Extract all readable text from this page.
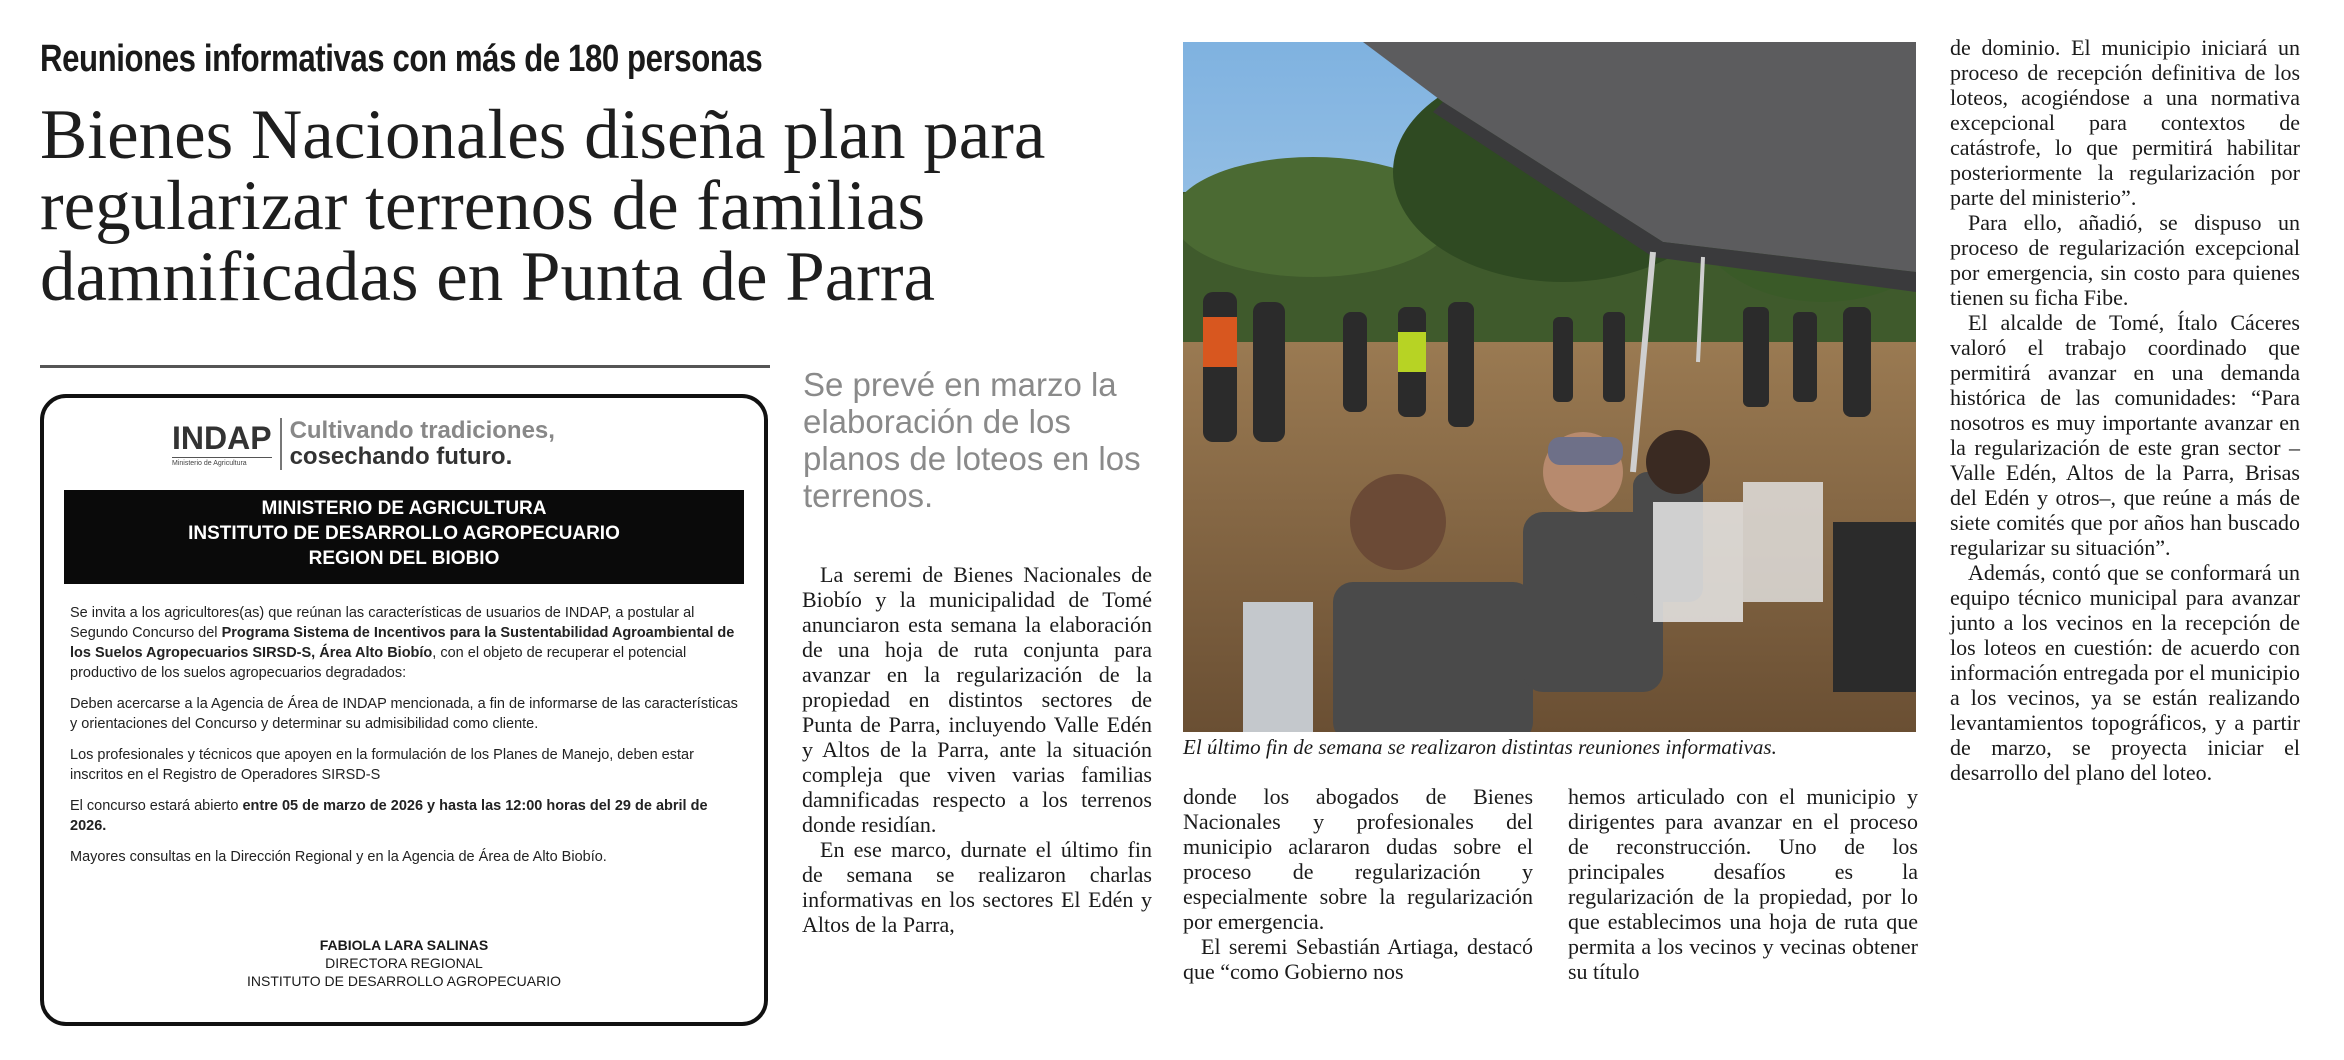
Reuniones informativas con más de 180 personas
Bienes Nacionales diseña plan para regularizar terrenos de familias damnificadas en Punta de Parra
INDAP
Ministerio de Agricultura
Cultivando tradiciones,
cosechando futuro.
MINISTERIO DE AGRICULTURA
INSTITUTO DE DESARROLLO AGROPECUARIO
REGION DEL BIOBIO

Se invita a los agricultores(as) que reúnan las características de usuarios de INDAP, a postular al Segundo Concurso del Programa Sistema de Incentivos para la Sustentabilidad Agroambiental de los Suelos Agropecuarios SIRSD-S, Área Alto Biobío, con el objeto de recuperar el potencial productivo de los suelos agropecuarios degradados:

Deben acercarse a la Agencia de Área de INDAP mencionada, a fin de informarse de las características y orientaciones del Concurso y determinar su admisibilidad como cliente.

Los profesionales y técnicos que apoyen en la formulación de los Planes de Manejo, deben estar inscritos en el Registro de Operadores SIRSD-S

El concurso estará abierto entre 05 de marzo de 2026 y hasta las 12:00 horas del 29 de abril de 2026.

Mayores consultas en la Dirección Regional y en la Agencia de Área de Alto Biobío.

FABIOLA LARA SALINAS
DIRECTORA REGIONAL
INSTITUTO DE DESARROLLO AGROPECUARIO
Se prevé en marzo la elaboración de los planos de loteos en los terrenos.

La seremi de Bienes Nacionales de Biobío y la municipalidad de Tomé anunciaron esta semana la elaboración de una hoja de ruta conjunta para avanzar en la regularización de la propiedad en distintos sectores de Punta de Parra, incluyendo Valle Edén y Altos de la Parra, ante la situación compleja que viven varias familias damnificadas respecto a los terrenos donde residían.

En ese marco, durnate el último fin de semana se realizaron charlas informativas en los sectores El Edén y Altos de la Parra,

El último fin de semana se realizaron distintas reuniones informativas.

donde los abogados de Bienes Nacionales y profesionales del municipio aclararon dudas sobre el proceso de regularización y especialmente sobre la regularización por emergencia.

El seremi Sebastián Artiaga, destacó que “como Gobierno nos

hemos articulado con el municipio y dirigentes para avanzar en el proceso de reconstrucción. Uno de los principales desafíos es la regularización de la propiedad, por lo que establecimos una hoja de ruta que permita a los vecinos y vecinas obtener su título

de dominio. El municipio iniciará un proceso de recepción definitiva de los loteos, acogiéndose a una normativa excepcional para contextos de catástrofe, lo que permitirá habilitar posteriormente la regularización por parte del ministerio”.

Para ello, añadió, se dispuso un proceso de regularización excepcional por emergencia, sin costo para quienes tienen su ficha Fibe.

El alcalde de Tomé, Ítalo Cáceres valoró el trabajo coordinado que permitirá avanzar en una demanda histórica de las comunidades: “Para nosotros es muy importante avanzar en la regularización de este gran sector –Valle Edén, Altos de la Parra, Brisas del Edén y otros–, que reúne a más de siete comités que por años han buscado regularizar su situación”.

Además, contó que se conformará un equipo técnico municipal para avanzar junto a los vecinos en la recepción de los loteos en cuestión: de acuerdo con información entregada por el municipio a los vecinos, ya se están realizando levantamientos topográficos, y a partir de marzo, se proyecta iniciar el desarrollo del plano del loteo.
